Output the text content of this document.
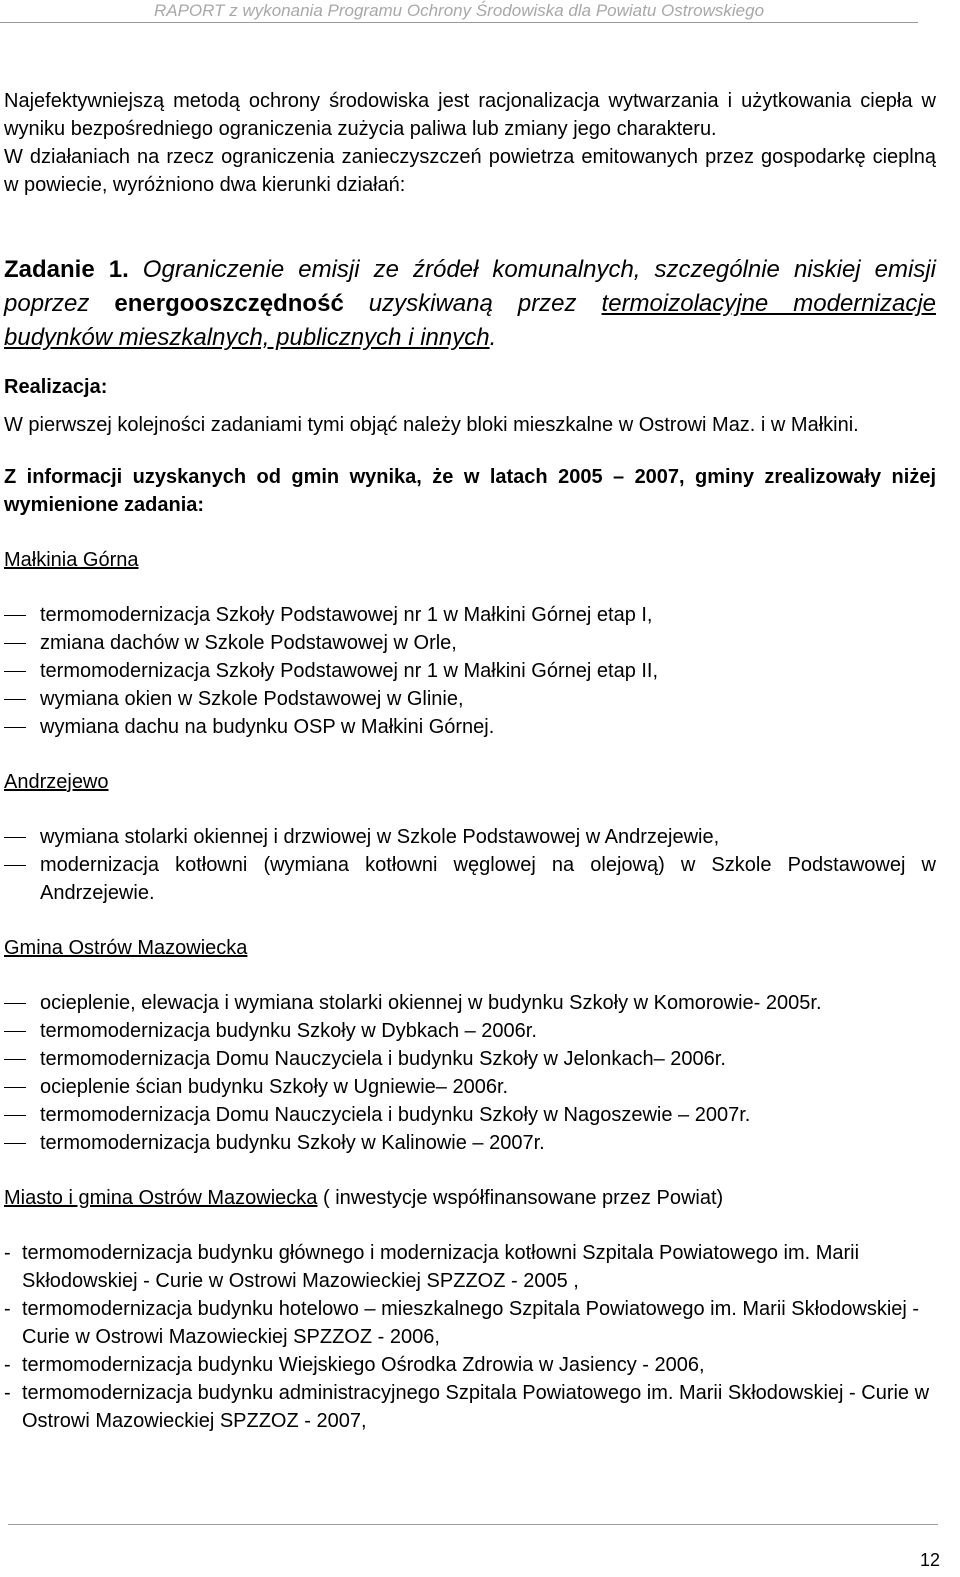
RAPORT z wykonania Programu Ochrony Środowiska dla Powiatu Ostrowskiego

Najefektywniejszą metodą ochrony środowiska jest racjonalizacja wytwarzania i użytkowania ciepła w wyniku bezpośredniego ograniczenia zużycia paliwa lub zmiany jego charakteru.

W działaniach na rzecz ograniczenia zanieczyszczeń powietrza emitowanych przez gospodarkę cieplną w powiecie, wyróżniono dwa kierunki działań:

Zadanie 1. Ograniczenie emisji ze źródeł komunalnych, szczególnie niskiej emisji poprzez energooszczędność uzyskiwaną przez termoizolacyjne modernizacje budynków mieszkalnych, publicznych i innych.

Realizacja:

W pierwszej kolejności zadaniami tymi objąć należy bloki mieszkalne w Ostrowi Maz. i w Małkini.

Z informacji uzyskanych od gmin wynika, że w latach 2005 – 2007, gminy zrealizowały niżej wymienione zadania:

Małkinia Górna

termomodernizacja Szkoły Podstawowej nr 1 w Małkini Górnej etap I,
zmiana dachów w Szkole Podstawowej w Orle,
termomodernizacja Szkoły Podstawowej nr 1 w Małkini Górnej etap II,
wymiana okien w Szkole Podstawowej w Glinie,
wymiana dachu na budynku OSP w Małkini Górnej.

Andrzejewo

wymiana stolarki okiennej i drzwiowej w Szkole Podstawowej w Andrzejewie,
modernizacja kotłowni (wymiana kotłowni węglowej na olejową) w Szkole Podstawowej w Andrzejewie.

Gmina Ostrów Mazowiecka

ocieplenie, elewacja i wymiana stolarki okiennej w budynku Szkoły w Komorowie- 2005r.
termomodernizacja budynku Szkoły w Dybkach – 2006r.
termomodernizacja Domu Nauczyciela i budynku Szkoły w Jelonkach– 2006r.
ocieplenie ścian budynku Szkoły w Ugniewie– 2006r.
termomodernizacja Domu Nauczyciela i budynku Szkoły w Nagoszewie – 2007r.
termomodernizacja budynku Szkoły w Kalinowie – 2007r.

Miasto i gmina Ostrów Mazowiecka ( inwestycje współfinansowane przez Powiat)

- termomodernizacja budynku głównego i modernizacja kotłowni Szpitala Powiatowego im. Marii Skłodowskiej - Curie w Ostrowi Mazowieckiej SPZZOZ - 2005 ,
- termomodernizacja budynku hotelowo – mieszkalnego Szpitala Powiatowego im. Marii Skłodowskiej - Curie w Ostrowi Mazowieckiej SPZZOZ - 2006,
- termomodernizacja budynku Wiejskiego Ośrodka Zdrowia w Jasiency - 2006,
- termomodernizacja budynku administracyjnego Szpitala Powiatowego im. Marii Skłodowskiej - Curie w Ostrowi Mazowieckiej SPZZOZ - 2007,
12
